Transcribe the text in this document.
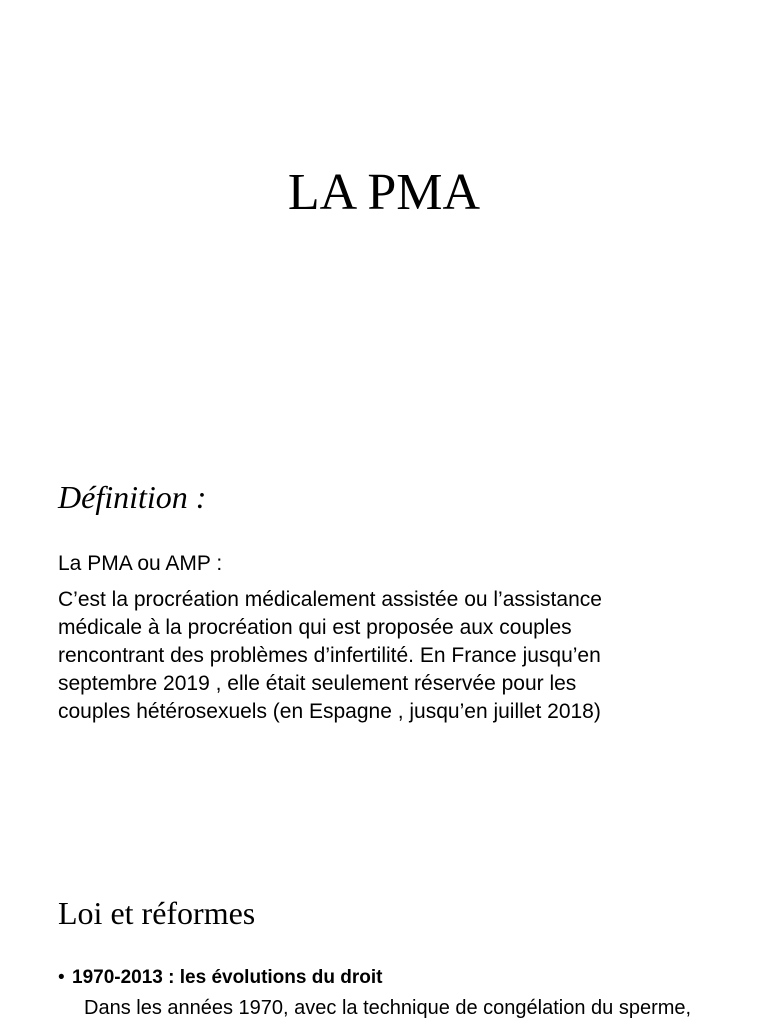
LA PMA
Définition :

La PMA ou AMP :

C’est la procréation médicalement assistée ou l’assistance

médicale à la procréation qui est proposée aux couples

rencontrant des problèmes d’infertilité. En France jusqu’en

septembre 2019 , elle était seulement réservée pour les

couples hétérosexuels (en Espagne , jusqu’en juillet 2018)

Loi et réformes
• 1970-2013 : les évolutions du droit
Dans les années 1970, avec la technique de congélation du sperme,
